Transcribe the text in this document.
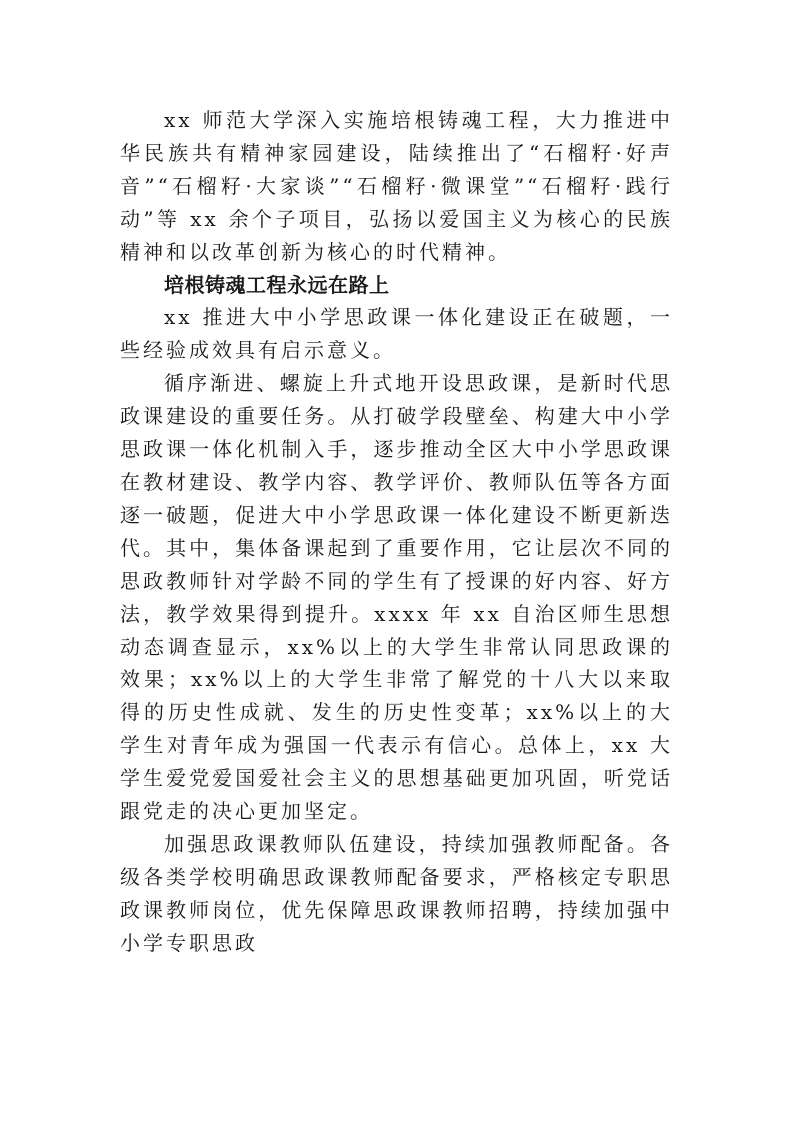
xx 师范大学深入实施培根铸魂工程，大力推进中华民族共有精神家园建设，陆续推出了“石榴籽·好声音”“石榴籽·大家谈”“石榴籽·微课堂”“石榴籽·践行动”等 xx 余个子项目，弘扬以爱国主义为核心的民族精神和以改革创新为核心的时代精神。

培根铸魂工程永远在路上

xx 推进大中小学思政课一体化建设正在破题，一些经验成效具有启示意义。

循序渐进、螺旋上升式地开设思政课，是新时代思政课建设的重要任务。从打破学段壁垒、构建大中小学思政课一体化机制入手，逐步推动全区大中小学思政课在教材建设、教学内容、教学评价、教师队伍等各方面逐一破题，促进大中小学思政课一体化建设不断更新迭代。其中，集体备课起到了重要作用，它让层次不同的思政教师针对学龄不同的学生有了授课的好内容、好方法，教学效果得到提升。xxxx 年 xx 自治区师生思想动态调查显示，xx%以上的大学生非常认同思政课的效果；xx%以上的大学生非常了解党的十八大以来取得的历史性成就、发生的历史性变革；xx%以上的大学生对青年成为强国一代表示有信心。总体上，xx 大学生爱党爱国爱社会主义的思想基础更加巩固，听党话跟党走的决心更加坚定。

加强思政课教师队伍建设，持续加强教师配备。各级各类学校明确思政课教师配备要求，严格核定专职思政课教师岗位，优先保障思政课教师招聘，持续加强中小学专职思政
